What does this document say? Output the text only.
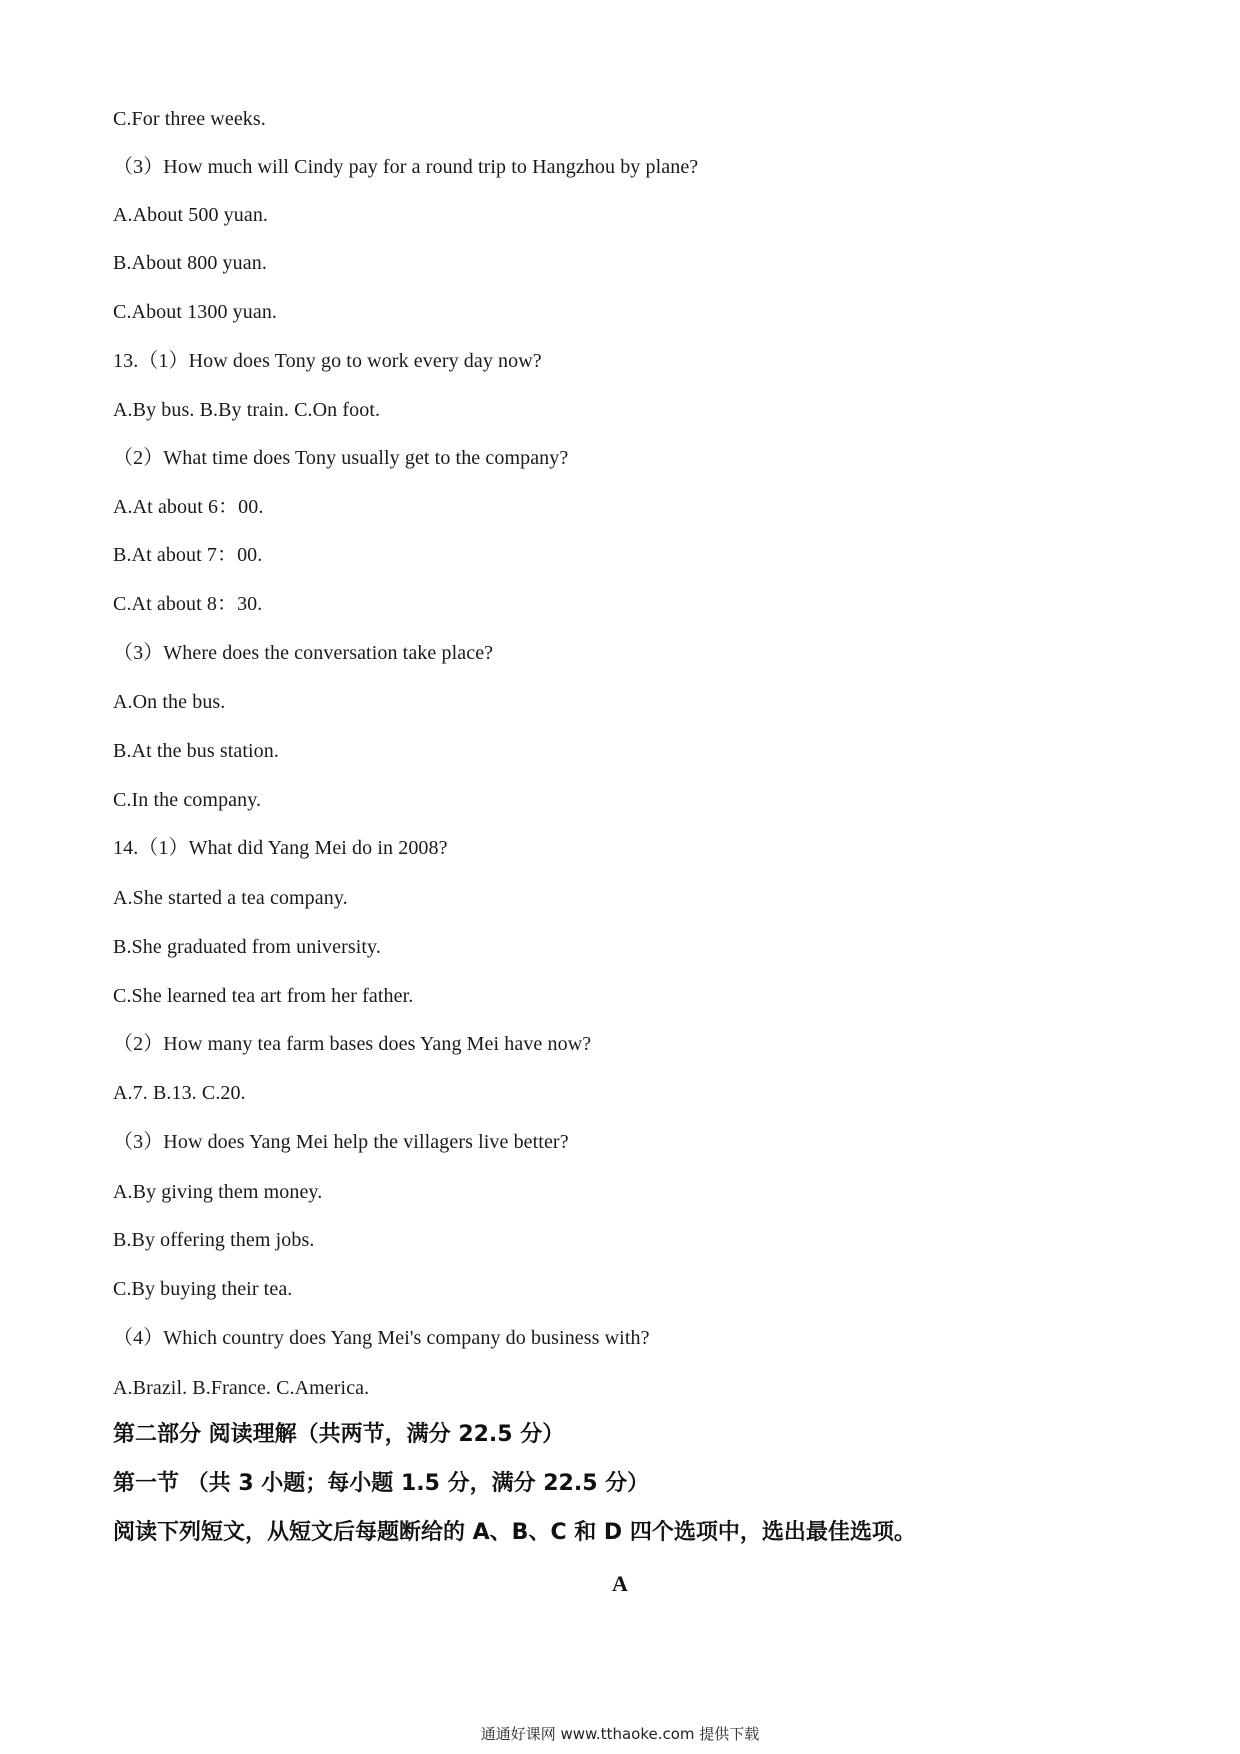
C.For three weeks.
（3）How much will Cindy pay for a round trip to Hangzhou by plane?
A.About 500 yuan.
B.About 800 yuan.
C.About 1300 yuan.
13.（1）How does Tony go to work every day now?
A.By bus. B.By train. C.On foot.
（2）What time does Tony usually get to the company?
A.At about 6：00.
B.At about 7：00.
C.At about 8：30.
（3）Where does the conversation take place?
A.On the bus.
B.At the bus station.
C.In the company.
14.（1）What did Yang Mei do in 2008?
A.She started a tea company.
B.She graduated from university.
C.She learned tea art from her father.
（2）How many tea farm bases does Yang Mei have now?
A.7. B.13. C.20.
（3）How does Yang Mei help the villagers live better?
A.By giving them money.
B.By offering them jobs.
C.By buying their tea.
（4）Which country does Yang Mei's company do business with?
A.Brazil. B.France. C.America.
第二部分 阅读理解（共两节，满分 22.5 分）
第一节 （共 3 小题；每小题 1.5 分，满分 22.5 分）
阅读下列短文，从短文后每题断给的 A、B、C 和 D 四个选项中，选出最佳选项。
A
通通好课网 www.tthaoke.com 提供下载
